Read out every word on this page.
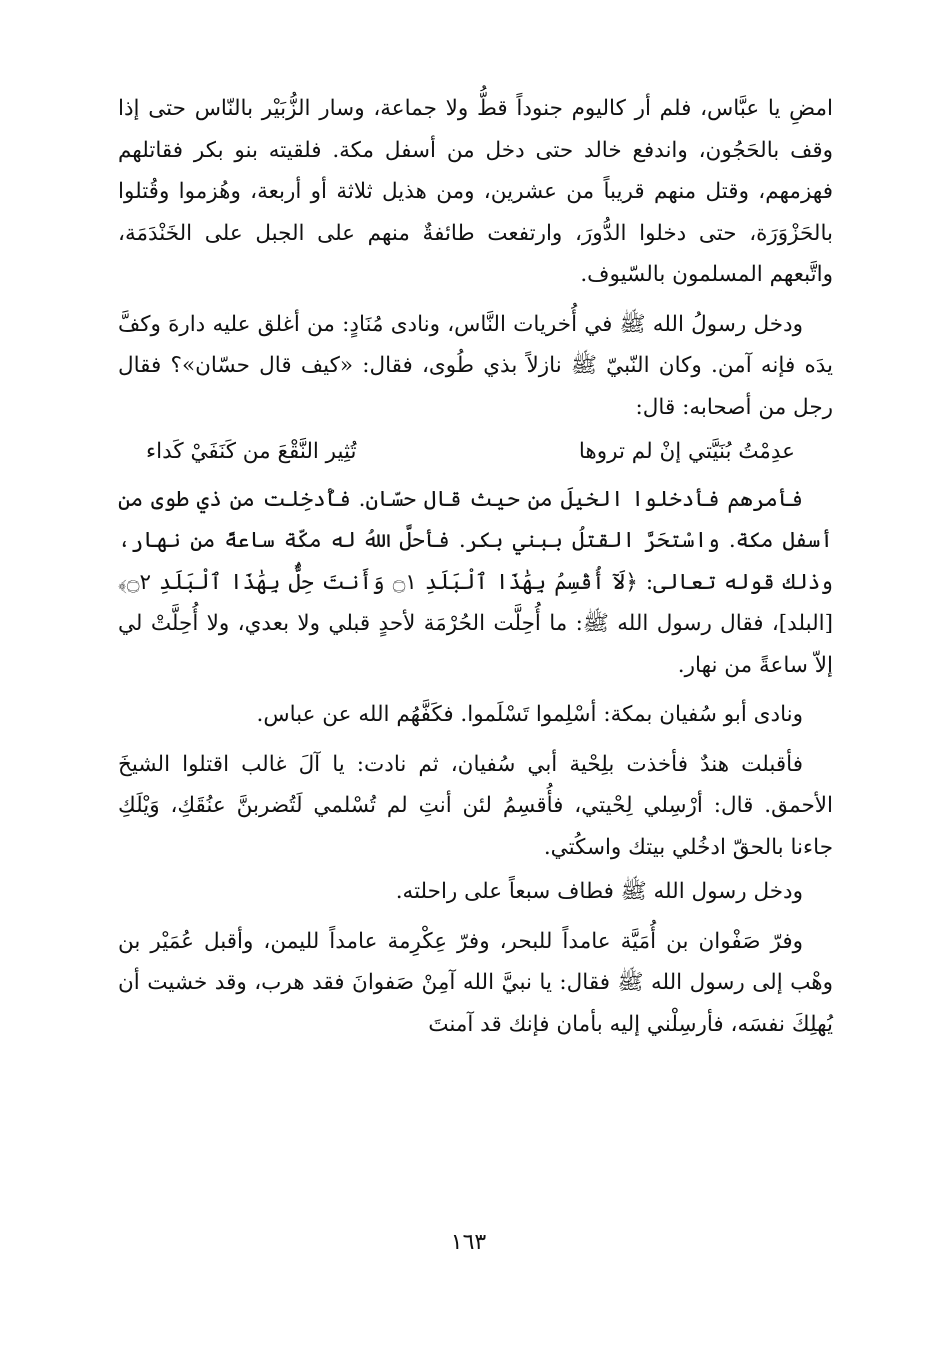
امضِ يا عبَّاس، فلم أر كاليوم جنوداً قطُّ ولا جماعة، وسار الزُّبَيْر بالنّاس حتى إذا وقف بالحَجُون، واندفع خالد حتى دخل من أسفل مكة. فلقيته بنو بكر فقاتلهم فهزمهم، وقتل منهم قريباً من عشرين، ومن هذيل ثلاثة أو أربعة، وهُزموا وقُتلوا بالحَزْوَرَة، حتى دخلوا الدُّورَ، وارتفعت طائفةٌ منهم على الجبل على الخَنْدَمَة، واتَّبعهم المسلمون بالسّيوف.

ودخل رسولُ الله ﷺ في أُخريات النَّاس، ونادى مُنَادٍ: من أغلق عليه دارهَ وكفَّ يدَه فإنه آمن. وكان النّبيّ ﷺ نازلاً بذي طُوى، فقال: «كيف قال حسّان»؟ فقال رجل من أصحابه: قال:

عدِمْتُ بُنَيَّتي إنْ لم تروها
تُثِير النَّقْعَ من كَنَفَيْ كَداء

فأمرهم فأدخلوا الخيلَ من حيث قال حسّان. فأُدخِلت من ذي طوى من أسفل مكة. واسْتحَرَّ القتلُ ببني بكر. فأحلَّ اللهُ له مكّة ساعةً من نهار، وذلك قوله تعالى: ﴿لَآ أُقْسِمُ بِهَٰذَا ٱلْبَلَدِ ۝١ وَأَنتَ حِلٌّۢ بِهَٰذَا ٱلْبَلَدِ ۝٢﴾ [البلد]، فقال رسول الله ﷺ: ما أُحِلَّت الحُرْمَة لأحدٍ قبلي ولا بعدي، ولا أُحِلَّتْ لي إلاّ ساعةً من نهار.

ونادى أبو سُفيان بمكة: أسْلِموا تَسْلَموا. فكَفَّهُم الله عن عباس.

فأقبلت هندٌ فأخذت بلِحْية أبي سُفيان، ثم نادت: يا آلَ غالب اقتلوا الشيخَ الأحمق. قال: أرْسِلي لِحْيتي، فأُقسِمُ لئن أنتِ لم تُسْلمي لَتُضربنَّ عنُقَكِ، وَيْلَكِ جاءنا بالحقّ ادخُلي بيتك واسكُتي.

ودخل رسول الله ﷺ فطاف سبعاً على راحلته.

وفرّ صَفْوان بن أُمَيَّة عامداً للبحر، وفرّ عِكْرِمة عامداً لليمن، وأقبل عُمَيْر بن وهْب إلى رسول الله ﷺ فقال: يا نبيَّ الله آمِنْ صَفوانَ فقد هرب، وقد خشيت أن يُهلِكَ نفسَه، فأرسِلْني إليه بأمان فإنك قد آمنتَ

١٦٣
